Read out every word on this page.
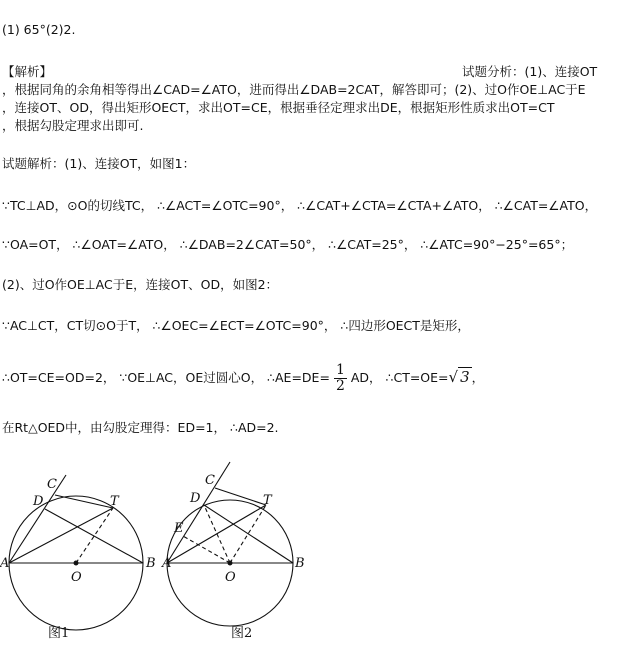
(1) 65°(2)2.
【解析】	试题分析：(1)、连接OT
，根据同角的余角相等得出∠CAD=∠ATO，进而得出∠DAB=2CAT，解答即可；(2)、过O作OE⊥AC于E
，连接OT、OD，得出矩形OECT，求出OT=CE，根据垂径定理求出DE，根据矩形性质求出OT=CT
，根据勾股定理求出即可.
试题解析：(1)、连接OT，如图1：
∵TC⊥AD，⊙O的切线TC， ∴∠ACT=∠OTC=90°， ∴∠CAT+∠CTA=∠CTA+∠ATO， ∴∠CAT=∠ATO，
∵OA=OT， ∴∠OAT=∠ATO， ∴∠DAB=2∠CAT=50°， ∴∠CAT=25°， ∴∠ATC=90°−25°=65°；
(2)、过O作OE⊥AC于E，连接OT、OD，如图2：
∵AC⊥CT，CT切⊙O于T， ∴∠OEC=∠ECT=∠OTC=90°， ∴四边形OECT是矩形，
∴OT=CE=OD=2， ∵OE⊥AC，OE过圆心O， ∴AE=DE= $\frac{1}{2}$ AD， ∴CT=OE=√ 3 ，
在Rt△OED中，由勾股定理得：ED=1， ∴AD=2.
C
D	T
A	B
O
图1
C
D	T
E
A	B
O
图2
